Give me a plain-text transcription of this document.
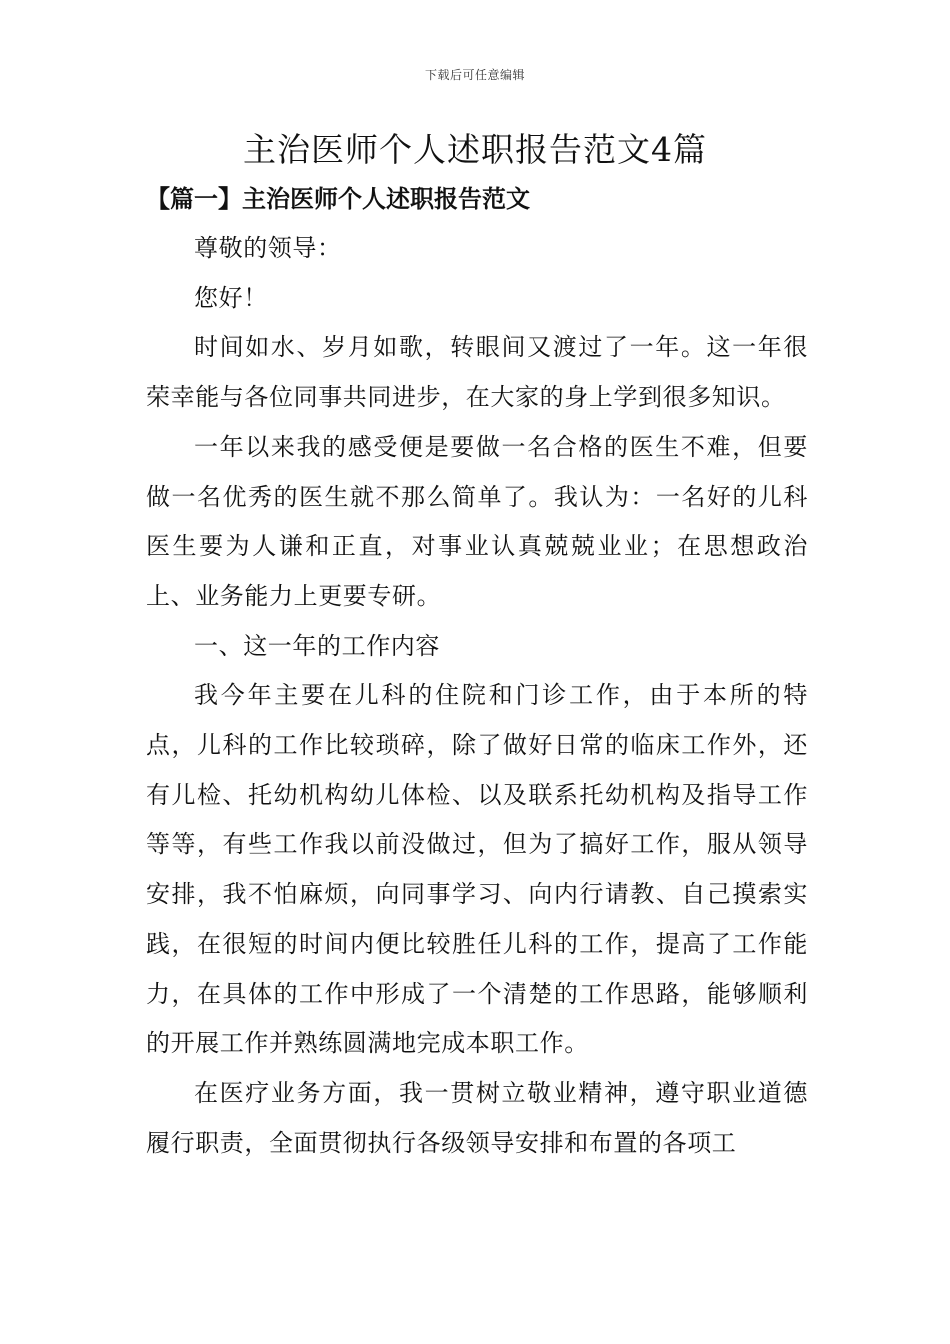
下载后可任意编辑
主治医师个人述职报告范文4篇
【篇一】主治医师个人述职报告范文

尊敬的领导：

您好！

时间如水、岁月如歌，转眼间又渡过了一年。这一年很荣幸能与各位同事共同进步，在大家的身上学到很多知识。

一年以来我的感受便是要做一名合格的医生不难，但要做一名优秀的医生就不那么简单了。我认为：一名好的儿科医生要为人谦和正直，对事业认真兢兢业业；在思想政治上、业务能力上更要专研。

一、这一年的工作内容

我今年主要在儿科的住院和门诊工作，由于本所的特点，儿科的工作比较琐碎，除了做好日常的临床工作外，还有儿检、托幼机构幼儿体检、以及联系托幼机构及指导工作等等，有些工作我以前没做过，但为了搞好工作，服从领导安排，我不怕麻烦，向同事学习、向内行请教、自己摸索实践，在很短的时间内便比较胜任儿科的工作，提高了工作能力，在具体的工作中形成了一个清楚的工作思路，能够顺利的开展工作并熟练圆满地完成本职工作。

在医疗业务方面，我一贯树立敬业精神，遵守职业道德履行职责，全面贯彻执行各级领导安排和布置的各项工
